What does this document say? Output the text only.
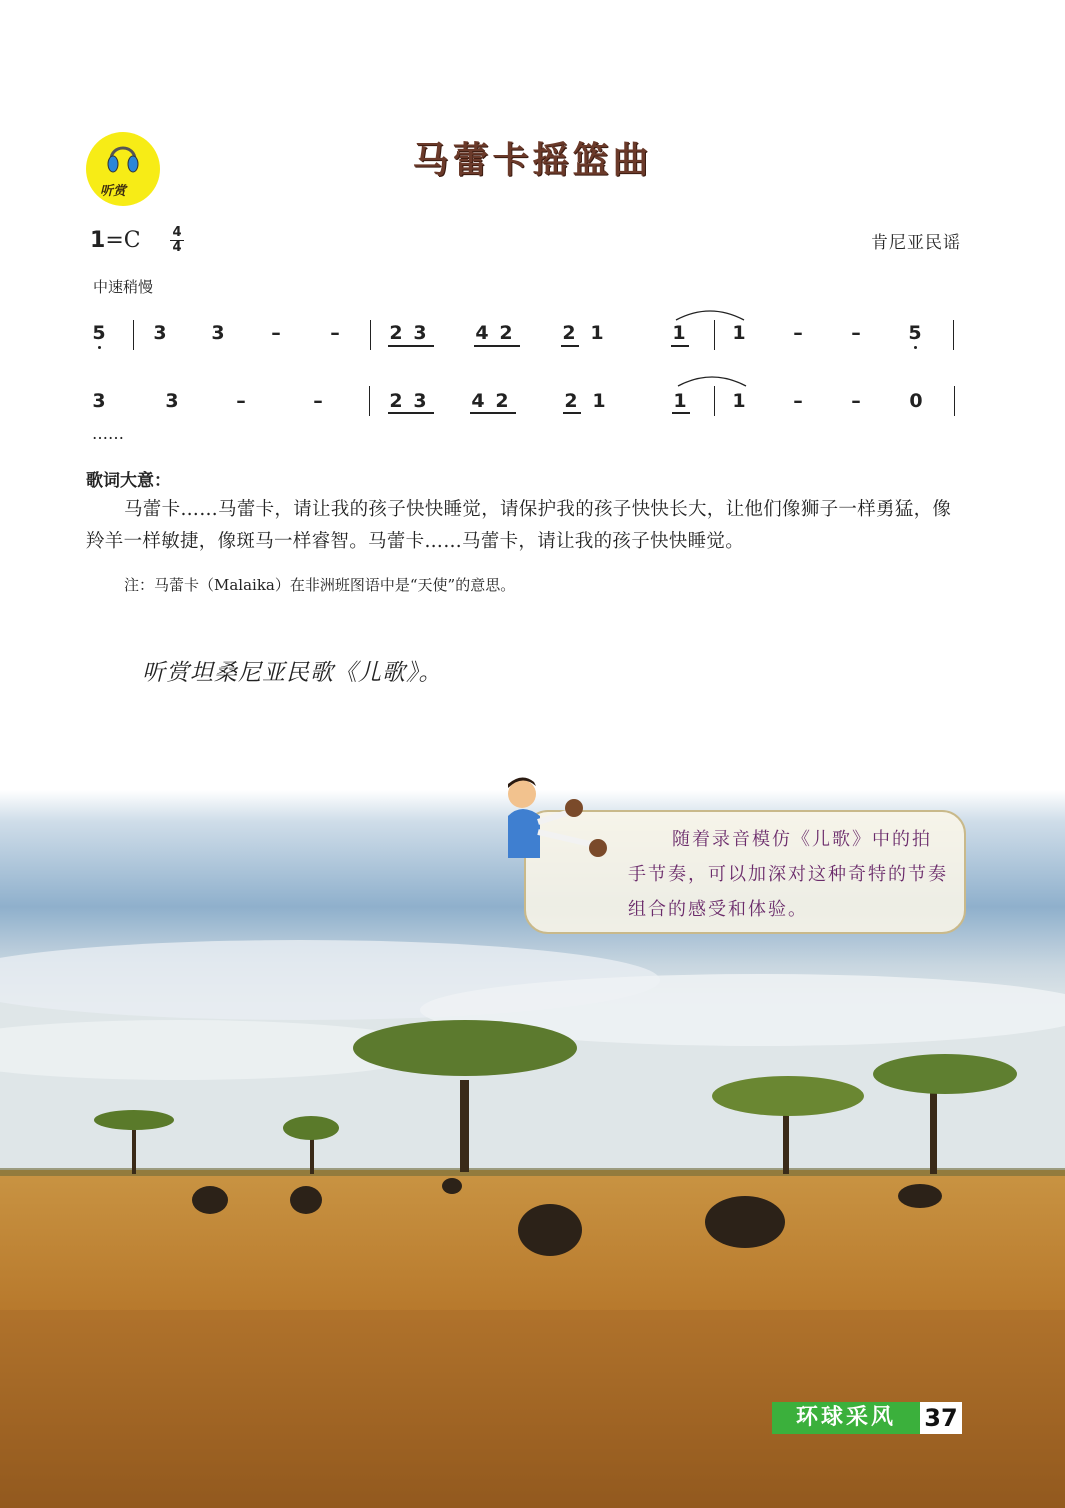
听赏
马蕾卡摇篮曲
1=C 4
4	肯尼亚民谣
中速稍慢
5	3 3 –	–	2 3	4 2	2 1	1 1	–	–	5
3	3	–	–	2 3 4 2	2 1	1 1	–	–	0
……
歌词大意：
马蕾卡……马蕾卡，请让我的孩子快快睡觉，请保护我的孩子快快长大，让他们像狮子一样勇猛，像羚羊一样敏捷，像斑马一样睿智。马蕾卡……马蕾卡，请让我的孩子快快睡觉。
注：马蕾卡（Malaika）在非洲班图语中是“天使”的意思。
听赏坦桑尼亚民歌《儿歌》。
随着录音模仿《儿歌》中的拍手节奏，可以加深对这种奇特的节奏组合的感受和体验。
环球采风	37
